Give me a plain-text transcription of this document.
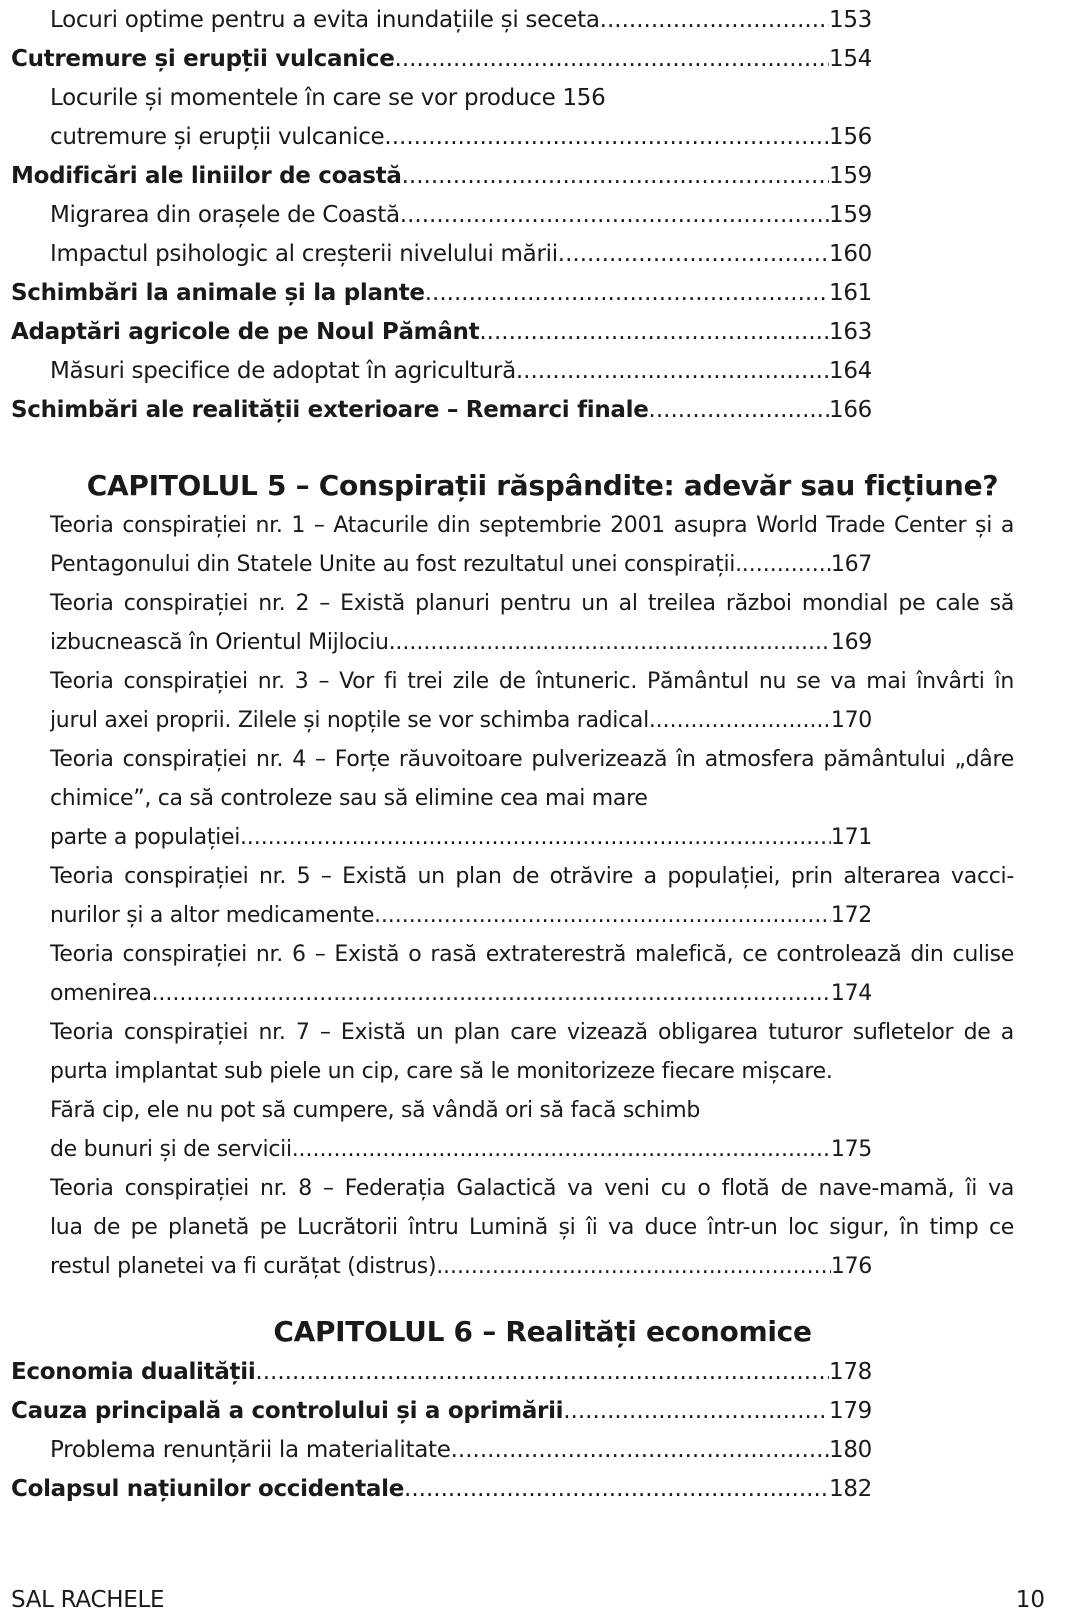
Locuri optime pentru a evita inundațiile și seceta .....	153
Cutremure și erupții vulcanice .....	154
Locurile și momentele în care se vor produce 156
cutremure și erupții vulcanice .....	156
Modificări ale liniilor de coastă .....	159
Migrarea din orașele de Coastă .....	159
Impactul psihologic al creșterii nivelului mării .....	160
Schimbări la animale și la plante .....	161
Adaptări agricole de pe Noul Pământ .....	163
Măsuri specifice de adoptat în agricultură .....	164
Schimbări ale realității exterioare – Remarci finale .....	166
CAPITOLUL 5 – Conspirații răspândite: adevăr sau ficțiune?
Teoria conspirației nr. 1 – Atacurile din septembrie 2001 asupra World Trade Center și a
Pentagonului din Statele Unite au fost rezultatul unei conspirații. .....	167
Teoria conspirației nr. 2 – Există planuri pentru un al treilea război mondial pe cale să
izbucnească în Orientul Mijlociu. .....	169
Teoria conspirației nr. 3 – Vor fi trei zile de întuneric. Pământul nu se va mai învârti în
jurul axei proprii. Zilele și nopțile se vor schimba radical. .....	170
Teoria conspirației nr. 4 – Forțe răuvoitoare pulverizează în atmosfera pământului „dâre
chimice”, ca să controleze sau să elimine cea mai mare
parte a populației. .....	171
Teoria conspirației nr. 5 – Există un plan de otrăvire a populației, prin alterarea vacci-
nurilor și a altor medicamente. .....	172
Teoria conspirației nr. 6 – Există o rasă extraterestră malefică, ce controlează din culise
omenirea. .....	174
Teoria conspirației nr. 7 – Există un plan care vizează obligarea tuturor sufletelor de a
purta implantat sub piele un cip, care să le monitorizeze fiecare mișcare.
Fără cip, ele nu pot să cumpere, să vândă ori să facă schimb
de bunuri și de servicii. .....	175
Teoria conspirației nr. 8 – Federația Galactică va veni cu o flotă de nave-mamă, îi va
lua de pe planetă pe Lucrătorii întru Lumină și îi va duce într-un loc sigur, în timp ce
restul planetei va fi curățat (distrus). .....	176
CAPITOLUL 6 – Realități economice
Economia dualității .....	178
Cauza principală a controlului și a oprimării .....	179
Problema renunțării la materialitate .....	180
Colapsul națiunilor occidentale .....	182
SAL RACHELE	10
